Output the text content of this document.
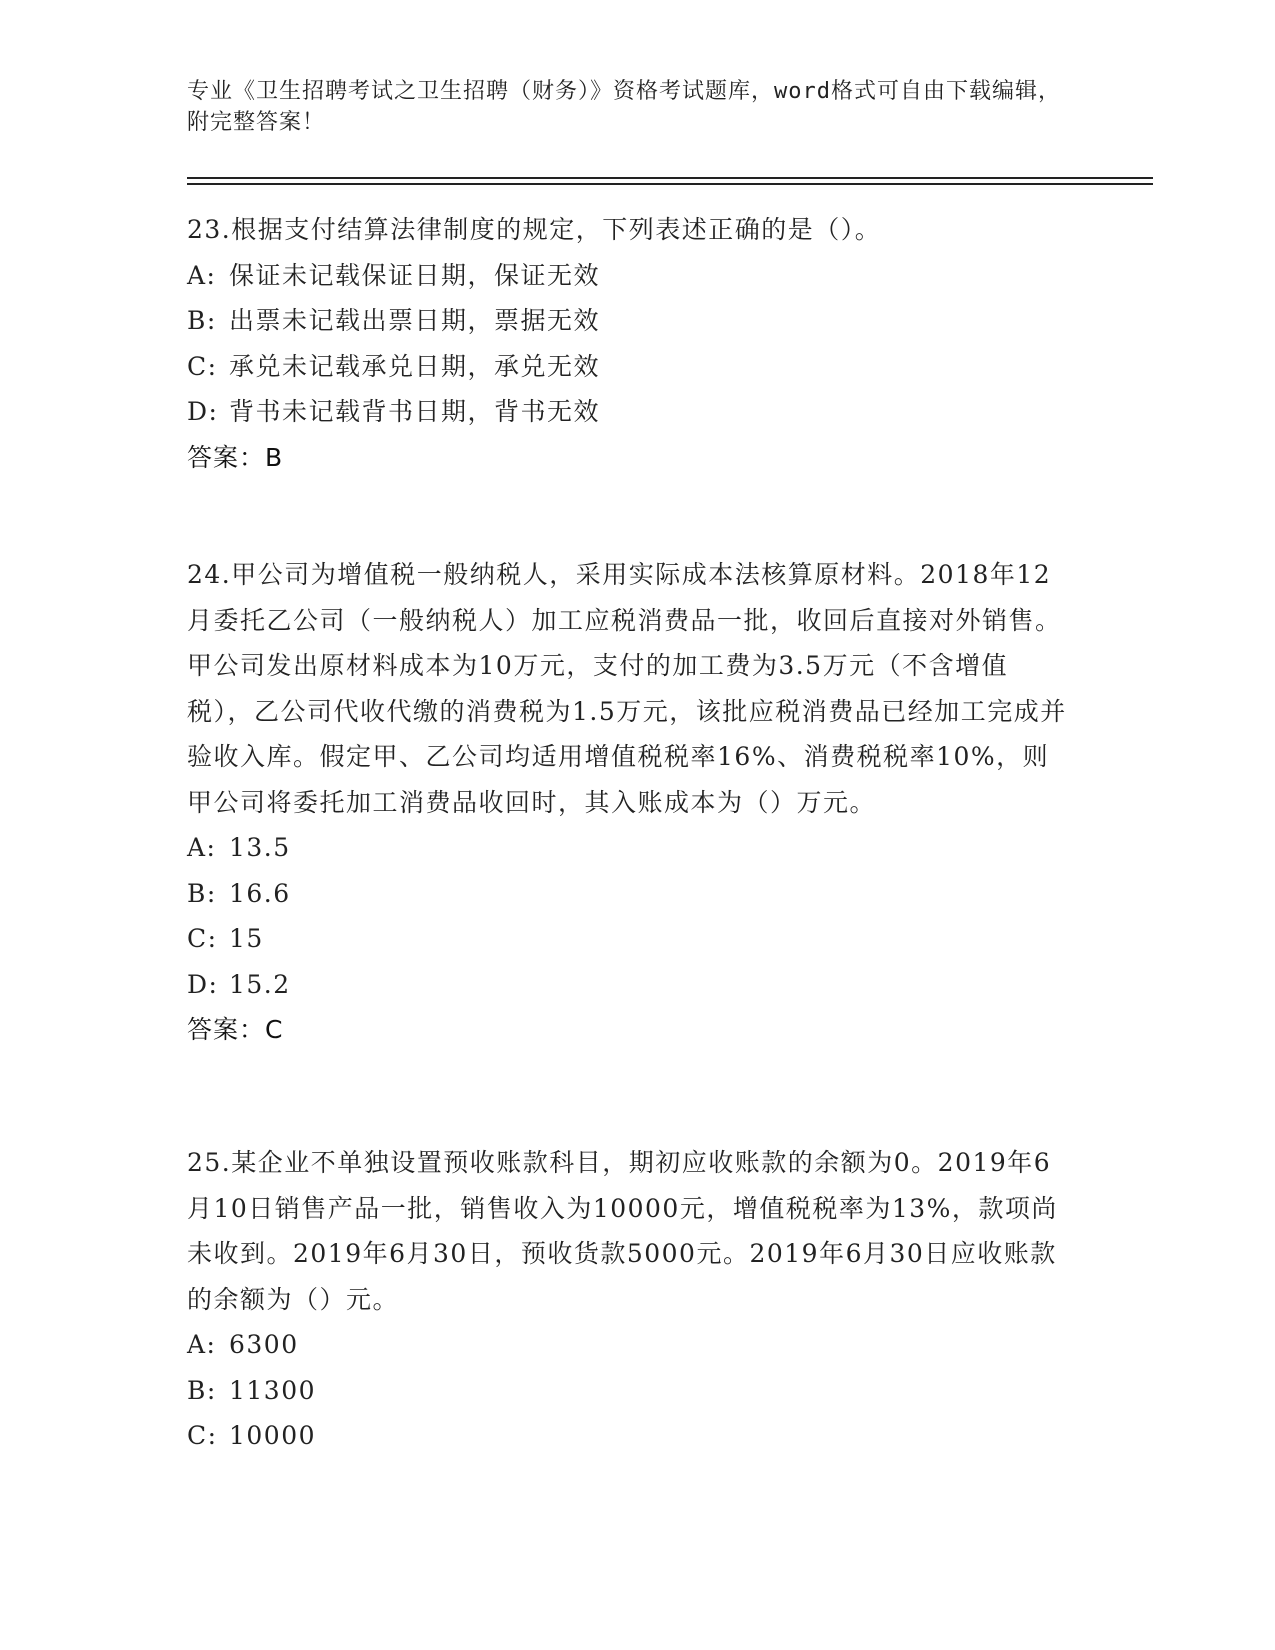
专业《卫生招聘考试之卫生招聘（财务）》资格考试题库，word格式可自由下载编辑，附完整答案！

23.根据支付结算法律制度的规定，下列表述正确的是（）。

A: 保证未记载保证日期，保证无效

B: 出票未记载出票日期，票据无效

C: 承兑未记载承兑日期，承兑无效

D: 背书未记载背书日期，背书无效

答案：B

24.甲公司为增值税一般纳税人，采用实际成本法核算原材料。2018年12月委托乙公司（一般纳税人）加工应税消费品一批，收回后直接对外销售。甲公司发出原材料成本为10万元，支付的加工费为3.5万元（不含增值税），乙公司代收代缴的消费税为1.5万元，该批应税消费品已经加工完成并验收入库。假定甲、乙公司均适用增值税税率16%、消费税税率10%，则甲公司将委托加工消费品收回时，其入账成本为（）万元。

A: 13.5

B: 16.6

C: 15

D: 15.2

答案：C

25.某企业不单独设置预收账款科目，期初应收账款的余额为0。2019年6月10日销售产品一批，销售收入为10000元，增值税税率为13%，款项尚未收到。2019年6月30日，预收货款5000元。2019年6月30日应收账款的余额为（）元。

A: 6300

B: 11300

C: 10000
